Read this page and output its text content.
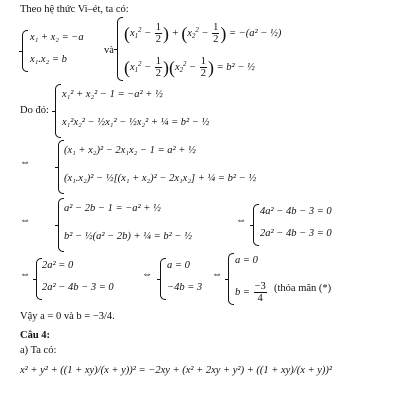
Theo hệ thức Vi–ét, ta có:
x₁ + x₂ = −a
x₁.x₂ = b
và
($x_1^2 - \frac{1}{2}$ ) + ($x_2^2 - \frac{1}{2}$ ) = −(a² − ½)
$(x_1^2 - \frac{1}{2} )(x_2^2 - \frac{1}{2}$ ) = b² − ½
Do đó:
x₁² + x₂² − 1 = −a² + ½
x₁²x₂² − ½x₁² − ½x₂² + ¼ = b² − ½
⇔
(x₁ + x₂)² − 2x₁x₂ − 1 = a² + ½
(x₁.x₂)² − ½[(x₁ + x₂)² − 2x₁x₂] + ¼ = b² − ½
⇔
a² − 2b − 1 = −a² + ½
b² − ½(a² − 2b) + ¼ = b² − ½
⇔
4a² − 4b − 3 = 0
2a² − 4b − 3 = 0
⇔
2a² = 0
2a² − 4b − 3 = 0
⇔
a = 0
−4b = 3
⇔
a = 0
$b = \frac{-3}{4}$ (thỏa mãn (*)
Vậy a = 0 và b = −3/4.
Câu 4:
a) Ta có:
x² + y² + ((1 + xy)/(x + y))² = −2xy + (x² + 2xy + y²) + ((1 + xy)/(x + y))²
